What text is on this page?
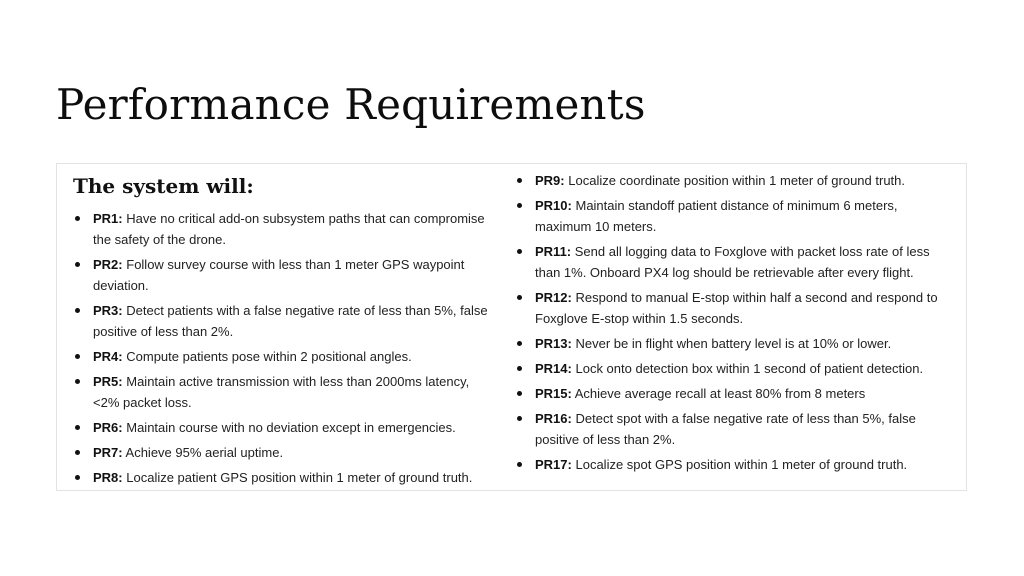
Performance Requirements
The system will:
PR1: Have no critical add-on subsystem paths that can compromise the safety of the drone.
PR2: Follow survey course with less than 1 meter GPS waypoint deviation.
PR3: Detect patients with a false negative rate of less than 5%, false positive of less than 2%.
PR4: Compute patients pose within 2 positional angles.
PR5: Maintain active transmission with less than 2000ms latency, <2% packet loss.
PR6: Maintain course with no deviation except in emergencies.
PR7: Achieve 95% aerial uptime.
PR8: Localize patient GPS position within 1 meter of ground truth.
PR9: Localize coordinate position within 1 meter of ground truth.
PR10: Maintain standoff patient distance of minimum 6 meters, maximum 10 meters.
PR11: Send all logging data to Foxglove with packet loss rate of less than 1%. Onboard PX4 log should be retrievable after every flight.
PR12: Respond to manual E-stop within half a second and respond to Foxglove E-stop within 1.5 seconds.
PR13: Never be in flight when battery level is at 10% or lower.
PR14: Lock onto detection box within 1 second of patient detection.
PR15: Achieve average recall at least 80% from 8 meters
PR16: Detect spot with a false negative rate of less than 5%, false positive of less than 2%.
PR17: Localize spot GPS position within 1 meter of ground truth.
